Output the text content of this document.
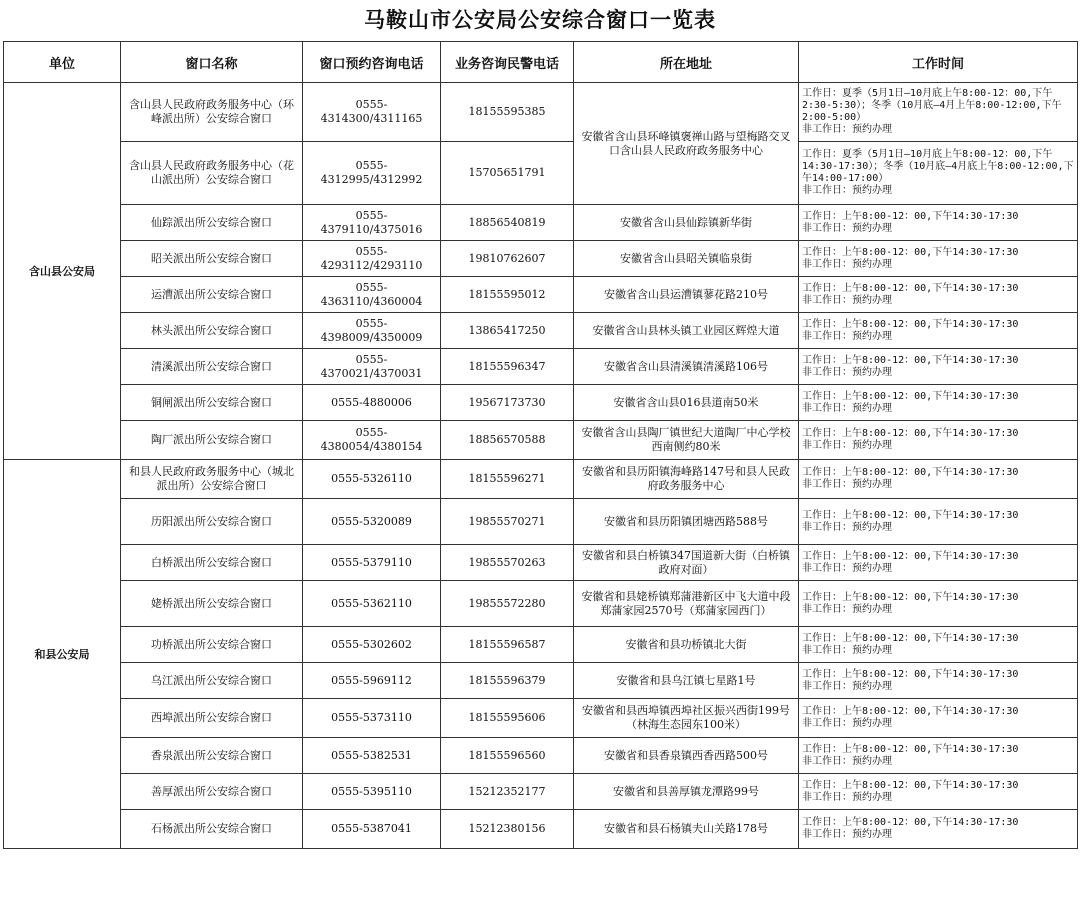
马鞍山市公安局公安综合窗口一览表
单位	窗口名称	窗口预约咨询电话	业务咨询民警电话	所在地址	工作时间
含山县公安局	含山县人民政府政务服务中心（环峰派出所）公安综合窗口	0555-4314300/4311165	18155595385	安徽省含山县环峰镇褒禅山路与望梅路交叉口含山县人民政府政务服务中心	工作日：夏季（5月1日—10月底上午8:00-12：00,下午2:30-5:30）；冬季（10月底—4月上午8:00-12:00,下午2:00-5:00）
非工作日：预约办理
	含山县人民政府政务服务中心（花山派出所）公安综合窗口	0555-4312995/4312992	15705651791		工作日：夏季（5月1日—10月底上午8:00-12：00,下午14:30-17:30）；冬季（10月底—4月底上午8:00-12:00,下午14:00-17:00）
非工作日：预约办理
	仙踪派出所公安综合窗口	0555-4379110/4375016	18856540819	安徽省含山县仙踪镇新华街	工作日：上午8:00-12：00,下午14:30-17:30
非工作日：预约办理
	昭关派出所公安综合窗口	0555-4293112/4293110	19810762607	安徽省含山县昭关镇临泉街	工作日：上午8:00-12：00,下午14:30-17:30
非工作日：预约办理
	运漕派出所公安综合窗口	0555-4363110/4360004	18155595012	安徽省含山县运漕镇蓼花路210号	工作日：上午8:00-12：00,下午14:30-17:30
非工作日：预约办理
	林头派出所公安综合窗口	0555-4398009/4350009	13865417250	安徽省含山县林头镇工业园区辉煌大道	工作日：上午8:00-12：00,下午14:30-17:30
非工作日：预约办理
	清溪派出所公安综合窗口	0555-4370021/4370031	18155596347	安徽省含山县清溪镇清溪路106号	工作日：上午8:00-12：00,下午14:30-17:30
非工作日：预约办理
	铜闸派出所公安综合窗口	0555-4880006	19567173730	安徽省含山县016县道南50米	工作日：上午8:00-12：00,下午14:30-17:30
非工作日：预约办理
	陶厂派出所公安综合窗口	0555-4380054/4380154	18856570588	安徽省含山县陶厂镇世纪大道陶厂中心学校西南侧约80米	工作日：上午8:00-12：00,下午14:30-17:30
非工作日：预约办理
和县公安局	和县人民政府政务服务中心（城北派出所）公安综合窗口	0555-5326110	18155596271	安徽省和县历阳镇海峰路147号和县人民政府政务服务中心	工作日：上午8:00-12：00,下午14:30-17:30
非工作日：预约办理
	历阳派出所公安综合窗口	0555-5320089	19855570271	安徽省和县历阳镇团塘西路588号	工作日：上午8:00-12：00,下午14:30-17:30
非工作日：预约办理
	白桥派出所公安综合窗口	0555-5379110	19855570263	安徽省和县白桥镇347国道新大街（白桥镇政府对面）	工作日：上午8:00-12：00,下午14:30-17:30
非工作日：预约办理
	姥桥派出所公安综合窗口	0555-5362110	19855572280	安徽省和县姥桥镇郑蒲港新区中飞大道中段郑蒲家园2570号（郑蒲家园西门）	工作日：上午8:00-12：00,下午14:30-17:30
非工作日：预约办理
	功桥派出所公安综合窗口	0555-5302602	18155596587	安徽省和县功桥镇北大街	工作日：上午8:00-12：00,下午14:30-17:30
非工作日：预约办理
	乌江派出所公安综合窗口	0555-5969112	18155596379	安徽省和县乌江镇七星路1号	工作日：上午8:00-12：00,下午14:30-17:30
非工作日：预约办理
	西埠派出所公安综合窗口	0555-5373110	18155595606	安徽省和县西埠镇西埠社区振兴西街199号（林海生态园东100米）	工作日：上午8:00-12：00,下午14:30-17:30
非工作日：预约办理
	香泉派出所公安综合窗口	0555-5382531	18155596560	安徽省和县香泉镇西香西路500号	工作日：上午8:00-12：00,下午14:30-17:30
非工作日：预约办理
	善厚派出所公安综合窗口	0555-5395110	15212352177	安徽省和县善厚镇龙潭路99号	工作日：上午8:00-12：00,下午14:30-17:30
非工作日：预约办理
	石杨派出所公安综合窗口	0555-5387041	15212380156	安徽省和县石杨镇夫山关路178号	工作日：上午8:00-12：00,下午14:30-17:30
非工作日：预约办理
